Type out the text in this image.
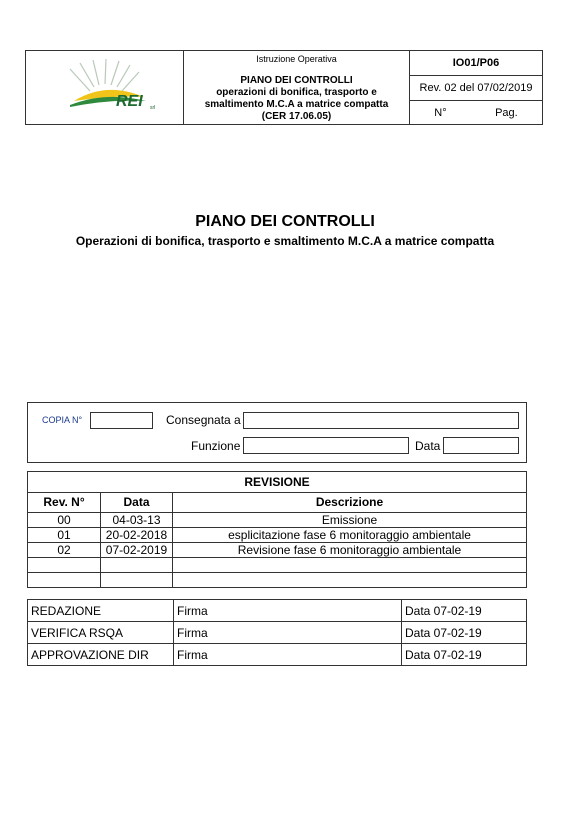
REI srl
Istruzione Operativa
PIANO DEI CONTROLLI
operazioni di bonifica, trasporto e
smaltimento M.C.A a matrice compatta
(CER 17.06.05)
IO01/P06
Rev. 02 del 07/02/2019
N°	Pag.
PIANO DEI CONTROLLI
Operazioni di bonifica, trasporto e smaltimento M.C.A a matrice compatta
COPIA N°	Consegnata a
Funzione	Data
REVISIONE		
Rev. N°	Data	Descrizione
00	04-03-13	Emissione
01	20-02-2018	esplicitazione fase 6 monitoraggio ambientale
02	07-02-2019	Revisione fase 6 monitoraggio ambientale

REDAZIONE	Firma	Data 07-02-19
VERIFICA RSQA	Firma	Data 07-02-19
APPROVAZIONE DIR	Firma	Data 07-02-19
